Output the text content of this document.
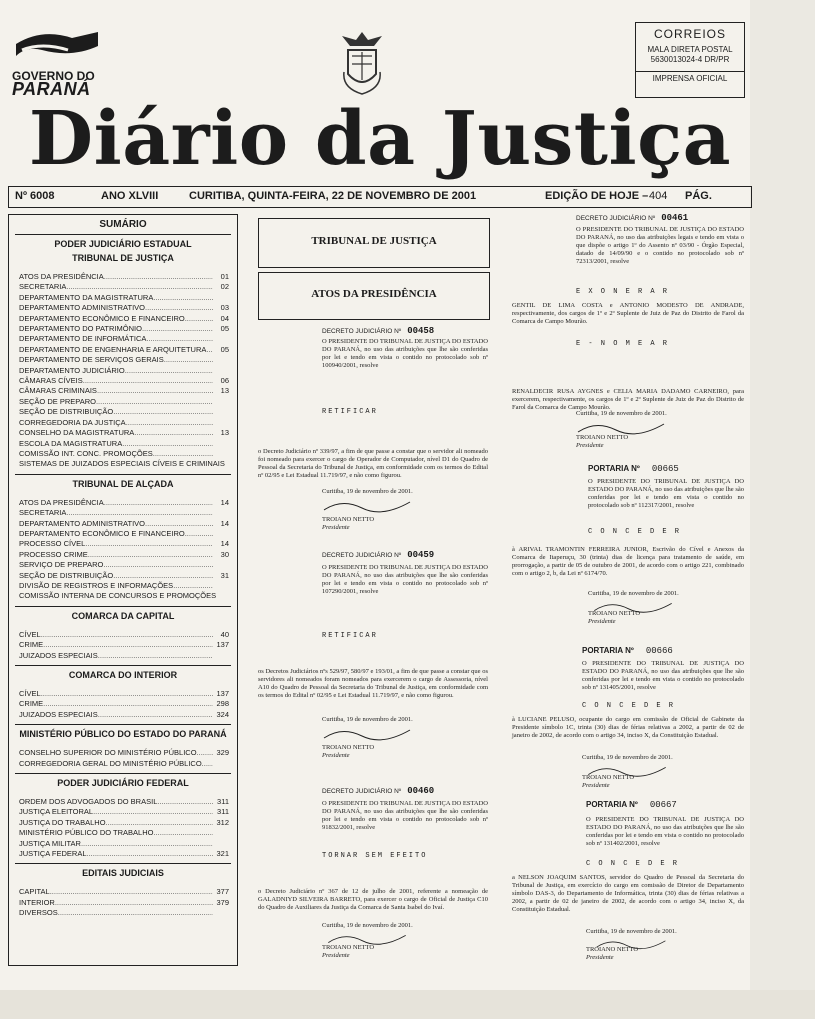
GOVERNO DO
PARANÁ
CORREIOS
MALA DIRETA POSTAL
5630013024-4 DR/PR
IMPRENSA OFICIAL
Diário da Justiça
Nº 6008	ANO XLVIII	CURITIBA, QUINTA-FEIRA, 22 DE NOVEMBRO DE 2001	EDIÇÃO DE HOJE – 404 PÁG.
SUMÁRIO
PODER JUDICIÁRIO ESTADUAL
TRIBUNAL DE JUSTIÇA
ATOS DA PRESIDÊNCIA .....	01
SECRETARIA .....	02
DEPARTAMENTO DA MAGISTRATURA
.....
DEPARTAMENTO ADMINISTRATIVO .....	03
DEPARTAMENTO ECONÔMICO E FINANCEIRO .....	04
DEPARTAMENTO DO PATRIMÔNIO .....	05
DEPARTAMENTO DE INFORMÁTICA
.....
DEPARTAMENTO DE ENGENHARIA E ARQUITETURA .....	05
DEPARTAMENTO DE SERVIÇOS GERAIS
.....
DEPARTAMENTO JUDICIÁRIO
.....
CÂMARAS CÍVEIS .....	06
CÂMARAS CRIMINAIS .....	13
SEÇÃO DE PREPARO
.....
SEÇÃO DE DISTRIBUIÇÃO
.....
CORREGEDORIA DA JUSTIÇA
.....
CONSELHO DA MAGISTRATURA .....	13
ESCOLA DA MAGISTRATURA
.....
COMISSÃO INT. CONC. PROMOÇÕES
.....
SISTEMAS DE JUIZADOS ESPECIAIS CÍVEIS E CRIMINAIS
TRIBUNAL DE ALÇADA
ATOS DA PRESIDÊNCIA .....	14
SECRETARIA
.....
DEPARTAMENTO ADMINISTRATIVO .....	14
DEPARTAMENTO ECONÔMICO E FINANCEIRO
.....
PROCESSO CÍVEL .....	14
PROCESSO CRIME .....	30
SERVIÇO DE PREPARO
.....
SEÇÃO DE DISTRIBUIÇÃO .....	31
DIVISÃO DE REGISTROS E INFORMAÇÕES
.....
COMISSÃO INTERNA DE CONCURSOS E PROMOÇÕES
COMARCA DA CAPITAL
CÍVEL .....	40
CRIME .....	137
JUIZADOS ESPECIAIS
.....
COMARCA DO INTERIOR
CÍVEL .....	137
CRIME .....	298
JUIZADOS ESPECIAIS .....	324
MINISTÉRIO PÚBLICO DO ESTADO DO PARANÁ
CONSELHO SUPERIOR DO MINISTÉRIO PÚBLICO .....	329
CORREGEDORIA GERAL DO MINISTÉRIO PÚBLICO
.....
PODER JUDICIÁRIO FEDERAL
ORDEM DOS ADVOGADOS DO BRASIL .....	311
JUSTIÇA ELEITORAL .....	311
JUSTIÇA DO TRABALHO .....	312
MINISTÉRIO PÚBLICO DO TRABALHO
.....
JUSTIÇA MILITAR
.....
JUSTIÇA FEDERAL .....	321
EDITAIS JUDICIAIS
CAPITAL .....	377
INTERIOR .....	379
DIVERSOS
.....
TRIBUNAL DE JUSTIÇA
ATOS DA PRESIDÊNCIA
DECRETO JUDICIÁRIO Nº 00458
O PRESIDENTE DO TRIBUNAL DE JUSTIÇA DO ESTADO DO PARANÁ, no uso das atribuições que lhe são conferidas por lei e tendo em vista o contido no protocolado sob nº 100940/2001, resolve
RETIFICAR
o Decreto Judiciário nº 339/97, a fim de que passe a constar que o servidor ali nomeado foi nomeado para exercer o cargo de Operador de Computador, nível D1 do Quadro de Pessoal da Secretaria do Tribunal de Justiça, em conformidade com os termos do Edital nº 02/95 e Lei Estadual 11.719/97, e não como figurou.
Curitiba, 19 de novembro de 2001.
TROIANO NETTO
Presidente
DECRETO JUDICIÁRIO Nº 00459
O PRESIDENTE DO TRIBUNAL DE JUSTIÇA DO ESTADO DO PARANÁ, no uso das atribuições que lhe são conferidas por lei e tendo em vista o contido no protocolado sob nº 107290/2001, resolve
RETIFICAR
os Decretos Judiciários nºs 529/97, 580/97 e 193/01, a fim de que passe a constar que os servidores ali nomeados foram nomeados para exercerem o cargo de Assessoria, nível A10 do Quadro de Pessoal da Secretaria do Tribunal de Justiça, em conformidade com os termos do Edital nº 02/95 e Lei Estadual 11.719/97, e não como figurou.
Curitiba, 19 de novembro de 2001.
TROIANO NETTO
Presidente
DECRETO JUDICIÁRIO Nº 00460
O PRESIDENTE DO TRIBUNAL DE JUSTIÇA DO ESTADO DO PARANÁ, no uso das atribuições que lhe são conferidas por lei e tendo em vista o contido no protocolado sob nº 91832/2001, resolve
TORNAR SEM EFEITO
o Decreto Judiciário nº 367 de 12 de julho de 2001, referente a nomeação de GALADNIYD SILVEIRA BARRETO, para exercer o cargo de Oficial de Justiça C10 do Quadro de Auxiliares da Justiça da Comarca de Santa Isabel do Ivaí.
Curitiba, 19 de novembro de 2001.
TROIANO NETTO
Presidente
DECRETO JUDICIÁRIO Nº 00461
O PRESIDENTE DO TRIBUNAL DE JUSTIÇA DO ESTADO DO PARANÁ, no uso das atribuições legais e tendo em vista o que dispõe o artigo 1º do Assento nº 03/90 - Órgão Especial, datado de 14/09/90 e o contido no protocolado sob nº 72313/2001, resolve
E X O N E R A R
GENTIL DE LIMA COSTA e ANTONIO MODESTO DE ANDRADE, respectivamente, dos cargos de 1º e 2º Suplente de Juiz de Paz do Distrito de Farol da Comarca de Campo Mourão.
E - N O M E A R
RENALDECIR RUSA AYGNES e CELIA MARIA DADAMO CARNEIRO, para exercerem, respectivamente, os cargos de 1º e 2º Suplente de Juiz de Paz do Distrito de Farol da Comarca de Campo Mourão.
Curitiba, 19 de novembro de 2001.
TROIANO NETTO
Presidente
PORTARIA Nº 00665
O PRESIDENTE DO TRIBUNAL DE JUSTIÇA DO ESTADO DO PARANÁ, no uso das atribuições que lhe são conferidas por lei e tendo em vista o contido no protocolado sob nº 112317/2001, resolve
C O N C E D E R
à ARIVAL TRAMONTIN FERREIRA JUNIOR, Escrivão do Cível e Anexos da Comarca de Itaperuçu, 30 (trinta) dias de licença para tratamento de saúde, em prorrogação, a partir de 05 de outubro de 2001, de acordo com o artigo 221, combinado com o artigo 2, b, da Lei nº 6174/70.
Curitiba, 19 de novembro de 2001.
TROIANO NETTO
Presidente
PORTARIA Nº 00666
O PRESIDENTE DO TRIBUNAL DE JUSTIÇA DO ESTADO DO PARANÁ, no uso das atribuições que lhe são conferidas por lei e tendo em vista o contido no protocolado sob nº 131405/2001, resolve
C O N C E D E R
à LUCIANE PELUSO, ocupante do cargo em comissão de Oficial de Gabinete da Presidente símbolo 1C, trinta (30) dias de férias relativas a 2002, a partir de 02 de janeiro de 2002, de acordo com o artigo 34, inciso X, da Constituição Estadual.
Curitiba, 19 de novembro de 2001.
TROIANO NETTO
Presidente
PORTARIA Nº 00667
O PRESIDENTE DO TRIBUNAL DE JUSTIÇA DO ESTADO DO PARANÁ, no uso das atribuições que lhe são conferidas por lei e tendo em vista o contido no protocolado sob nº 131402/2001, resolve
C O N C E D E R
a NELSON JOAQUIM SANTOS, servidor do Quadro de Pessoal da Secretaria do Tribunal de Justiça, em exercício do cargo em comissão de Diretor de Departamento símbolo DAS-3, do Departamento de Informática, trinta (30) dias de férias relativas a 2002, a partir de 02 de janeiro de 2002, de acordo com o artigo 34, inciso X, da Constituição Estadual.
Curitiba, 19 de novembro de 2001.
TROIANO NETTO
Presidente
